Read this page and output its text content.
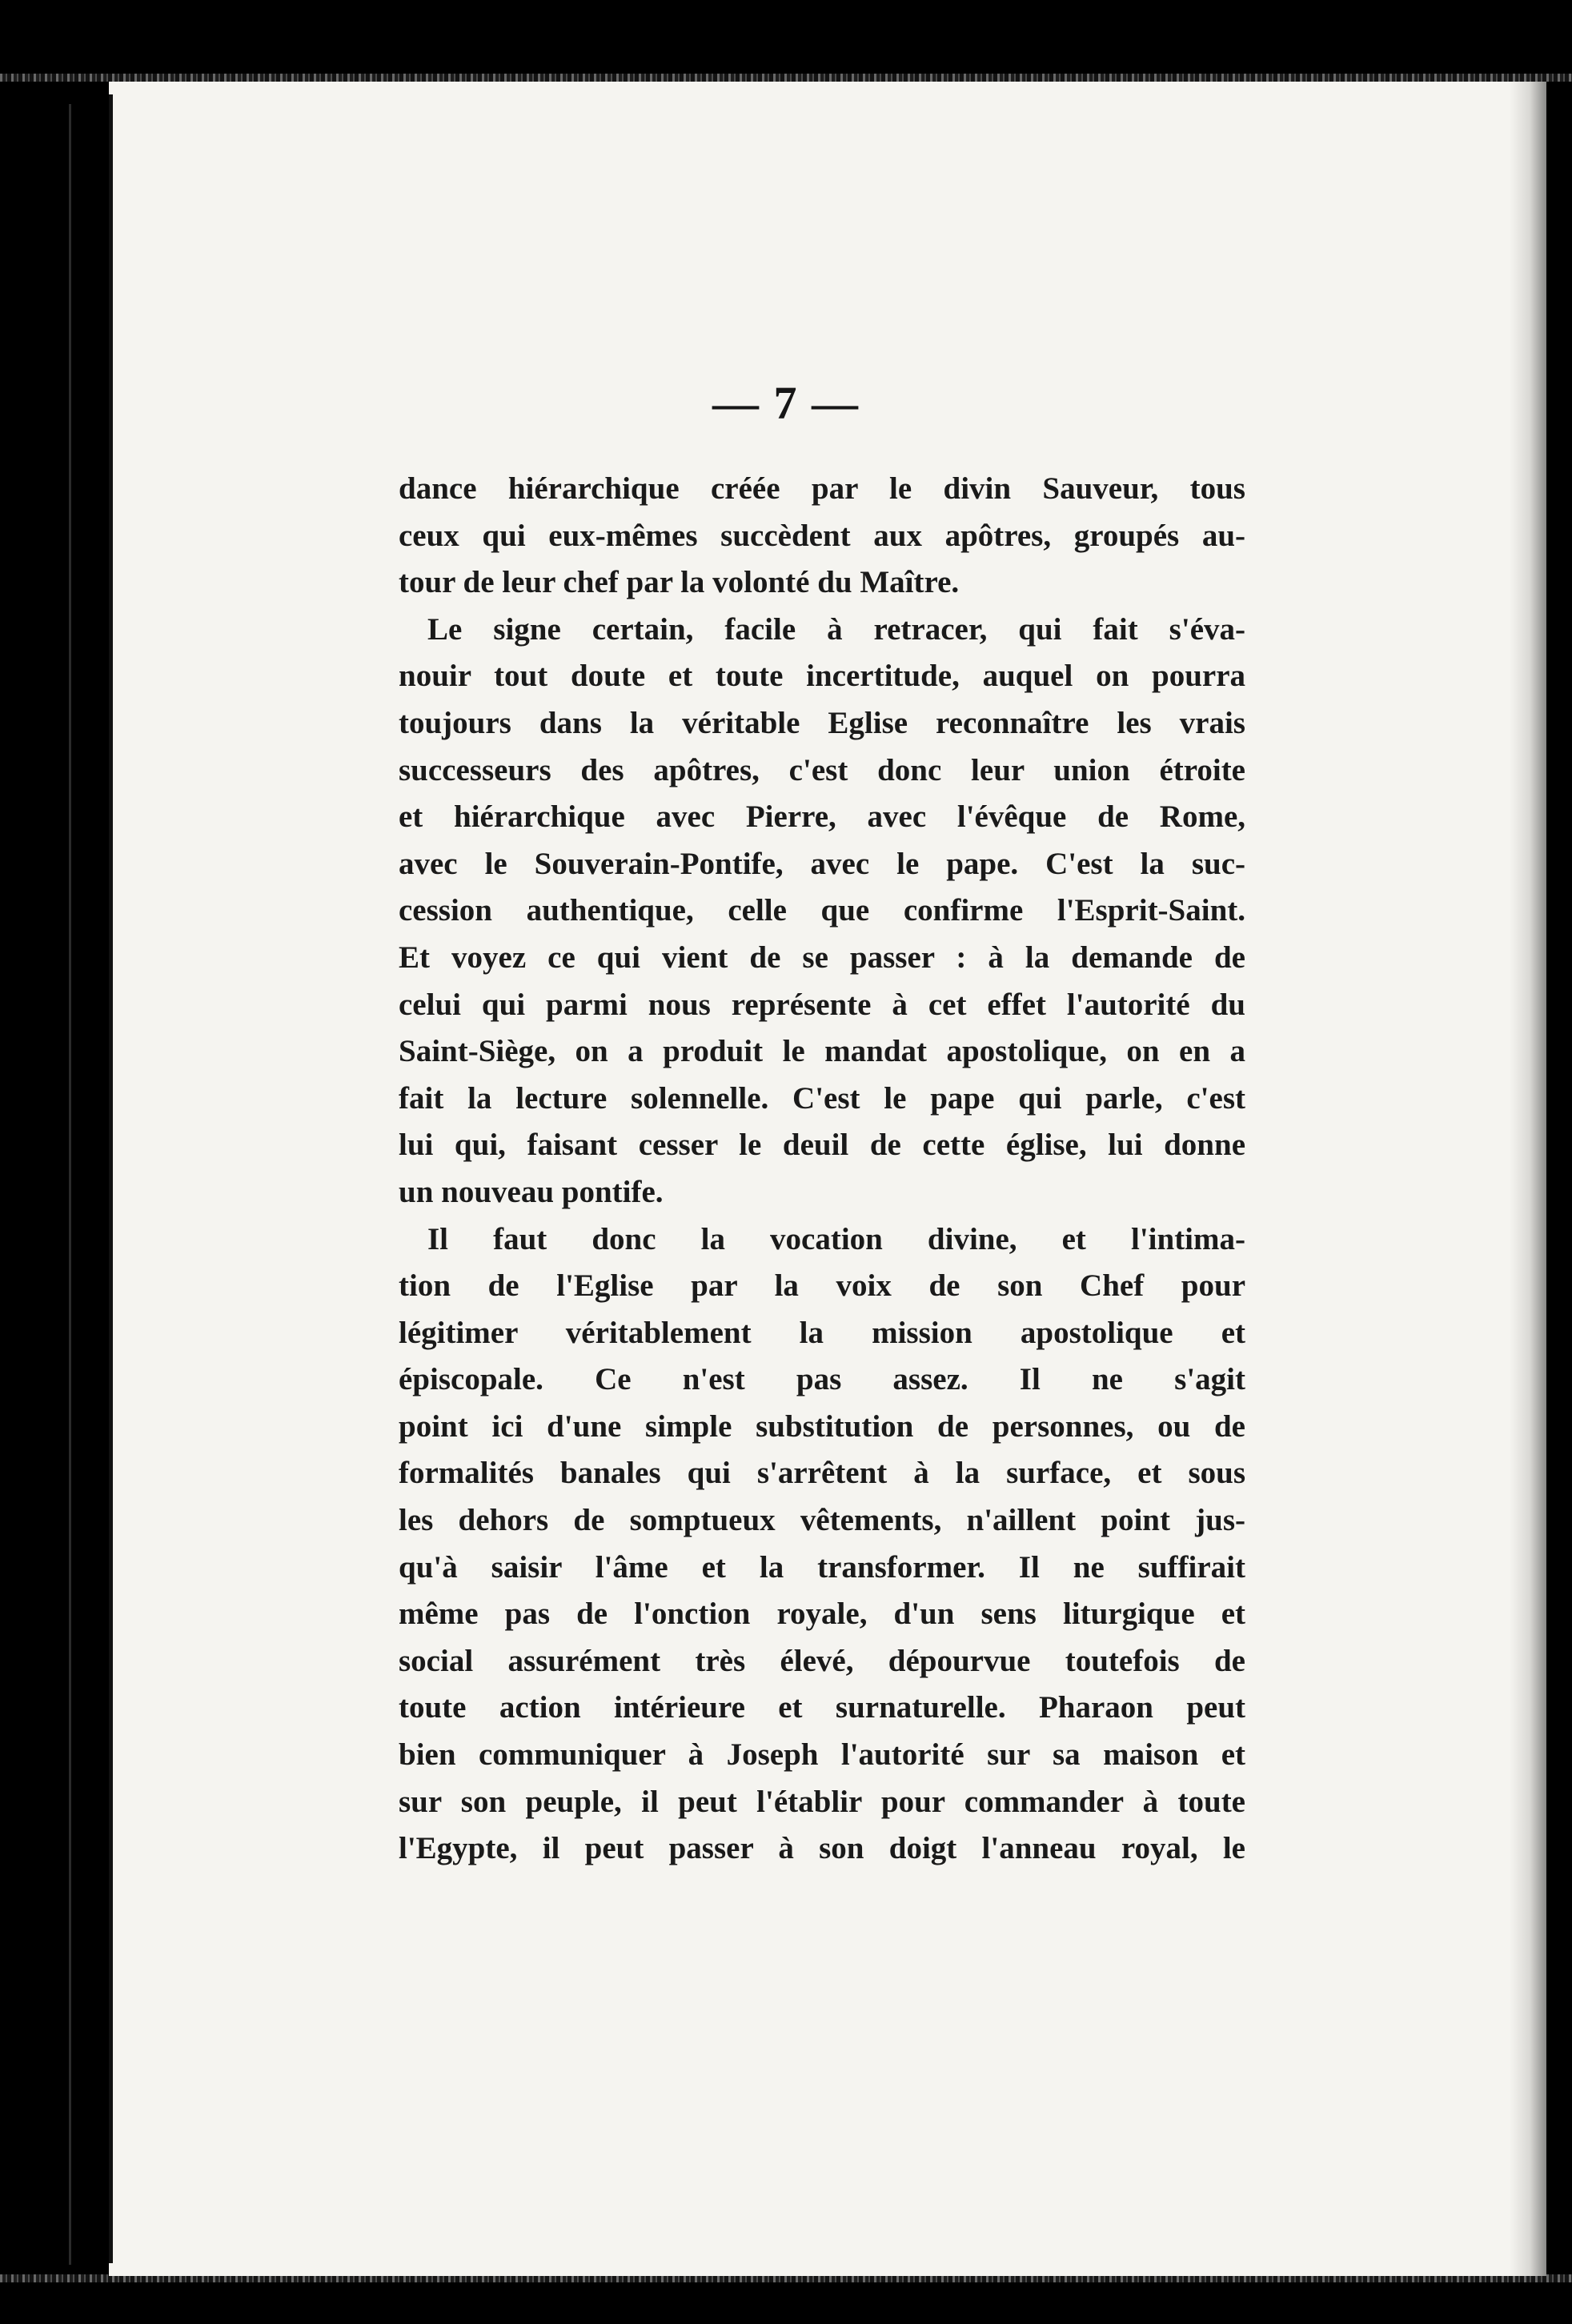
— 7 —
dance hiérarchique créée par le divin Sauveur, tous
ceux qui eux-mêmes succèdent aux apôtres, groupés au-
tour de leur chef par la volonté du Maître.
Le signe certain, facile à retracer, qui fait s'éva-
nouir tout doute et toute incertitude, auquel on pourra
toujours dans la véritable Eglise reconnaître les vrais
successeurs des apôtres, c'est donc leur union étroite
et hiérarchique avec Pierre, avec l'évêque de Rome,
avec le Souverain-Pontife, avec le pape. C'est la suc-
cession authentique, celle que confirme l'Esprit-Saint.
Et voyez ce qui vient de se passer : à la demande de
celui qui parmi nous représente à cet effet l'autorité du
Saint-Siège, on a produit le mandat apostolique, on en a
fait la lecture solennelle. C'est le pape qui parle, c'est
lui qui, faisant cesser le deuil de cette église, lui donne
un nouveau pontife.
Il faut donc la vocation divine, et l'intima-
tion de l'Eglise par la voix de son Chef pour
légitimer véritablement la mission apostolique et
épiscopale. Ce n'est pas assez. Il ne s'agit
point ici d'une simple substitution de personnes, ou de
formalités banales qui s'arrêtent à la surface, et sous
les dehors de somptueux vêtements, n'aillent point jus-
qu'à saisir l'âme et la transformer. Il ne suffirait
même pas de l'onction royale, d'un sens liturgique et
social assurément très élevé, dépourvue toutefois de
toute action intérieure et surnaturelle. Pharaon peut
bien communiquer à Joseph l'autorité sur sa maison et
sur son peuple, il peut l'établir pour commander à toute
l'Egypte, il peut passer à son doigt l'anneau royal, le
